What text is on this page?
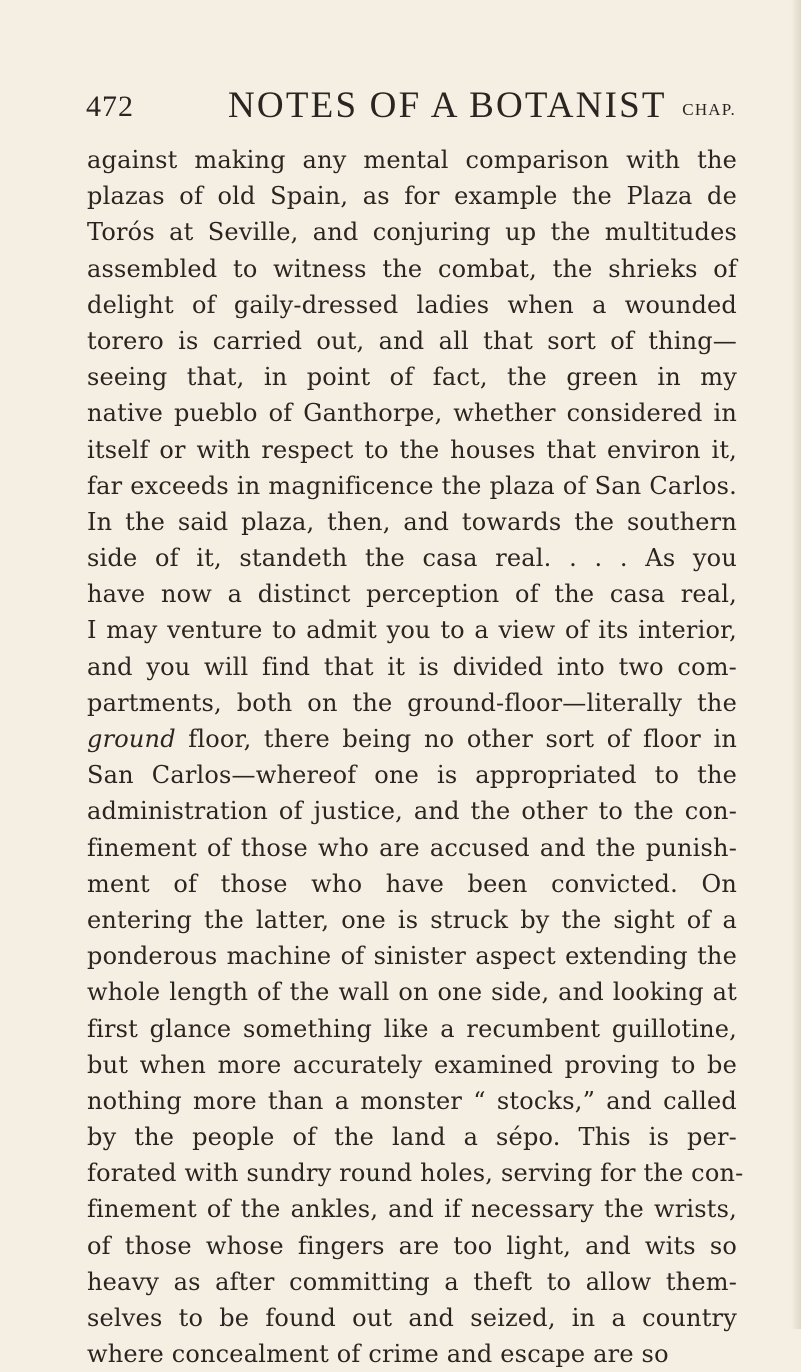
472	NOTES OF A BOTANIST CHAP.
against making any mental comparison with the
plazas of old Spain, as for example the Plaza de
Torós at Seville, and conjuring up the multitudes
assembled to witness the combat, the shrieks of
delight of gaily-dressed ladies when a wounded
torero is carried out, and all that sort of thing—
seeing that, in point of fact, the green in my
native pueblo of Ganthorpe, whether considered in
itself or with respect to the houses that environ it,
far exceeds in magnificence the plaza of San Carlos.
In the said plaza, then, and towards the southern
side of it, standeth the casa real. . . . As you
have now a distinct perception of the casa real,
I may venture to admit you to a view of its interior,
and you will find that it is divided into two com-
partments, both on the ground-floor—literally the
ground floor, there being no other sort of floor in
San Carlos—whereof one is appropriated to the
administration of justice, and the other to the con-
finement of those who are accused and the punish-
ment of those who have been convicted. On
entering the latter, one is struck by the sight of a
ponderous machine of sinister aspect extending the
whole length of the wall on one side, and looking at
first glance something like a recumbent guillotine,
but when more accurately examined proving to be
nothing more than a monster “ stocks,” and called
by the people of the land a sépo. This is per-
forated with sundry round holes, serving for the con-
finement of the ankles, and if necessary the wrists,
of those whose fingers are too light, and wits so
heavy as after committing a theft to allow them-
selves to be found out and seized, in a country
where concealment of crime and escape are so
